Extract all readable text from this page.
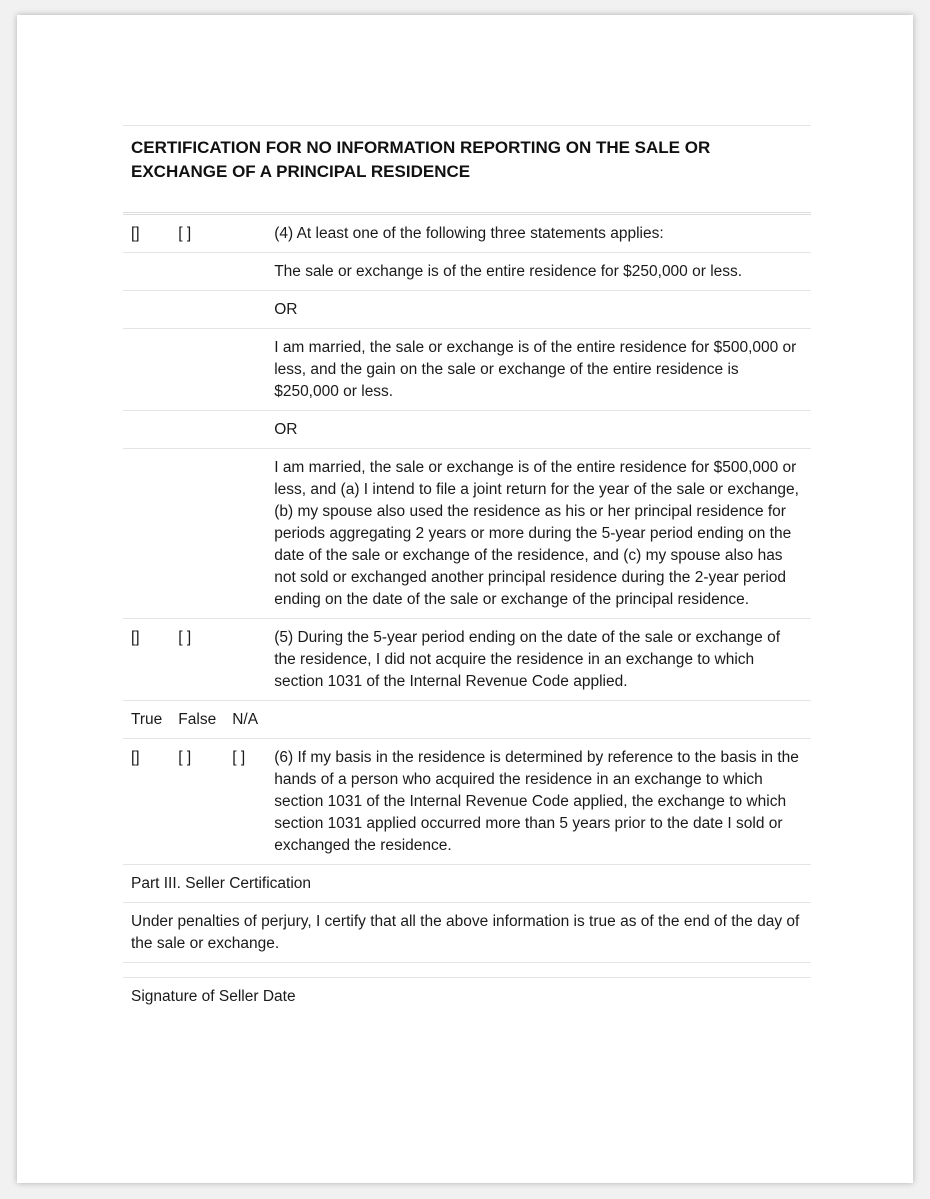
CERTIFICATION FOR NO INFORMATION REPORTING ON THE SALE OR
EXCHANGE OF A PRINCIPAL RESIDENCE
[]	[ ]		(4) At least one of the following three statements applies:
			The sale or exchange is of the entire residence for $250,000 or less.
			OR
			I am married, the sale or exchange is of the entire residence for $500,000 or less, and the gain on the sale or exchange of the entire residence is $250,000 or less.
			OR
			I am married, the sale or exchange is of the entire residence for $500,000 or less, and (a) I intend to file a joint return for the year of the sale or exchange, (b) my spouse also used the residence as his or her principal residence for periods aggregating 2 years or more during the 5-year period ending on the date of the sale or exchange of the residence, and (c) my spouse also has not sold or exchanged another principal residence during the 2-year period ending on the date of the sale or exchange of the principal residence.
[]	[ ]		(5) During the 5-year period ending on the date of the sale or exchange of the residence, I did not acquire the residence in an exchange to which section 1031 of the Internal Revenue Code applied.
True	False	N/A	
[]	[ ]	[ ]	(6) If my basis in the residence is determined by reference to the basis in the hands of a person who acquired the residence in an exchange to which section 1031 of the Internal Revenue Code applied, the exchange to which section 1031 applied occurred more than 5 years prior to the date I sold or exchanged the residence.
Part III. Seller Certification
Under penalties of perjury, I certify that all the above information is true as of the end of the day of the sale or exchange.
Signature of Seller Date
